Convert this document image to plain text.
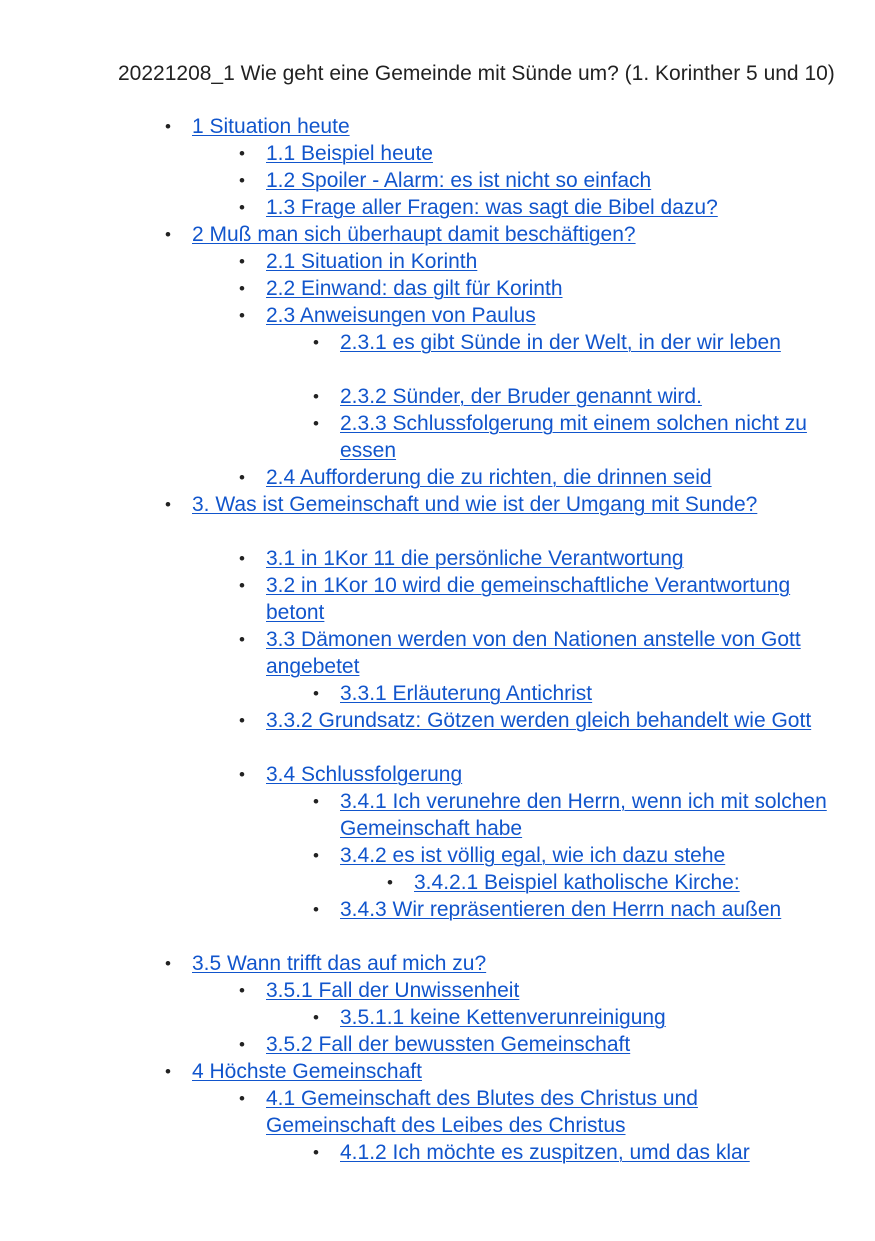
20221208_1 Wie geht eine Gemeinde mit Sünde um? (1. Korinther 5 und 10)
• 1 Situation heute
• 1.1 Beispiel heute
• 1.2 Spoiler - Alarm: es ist nicht so einfach
• 1.3 Frage aller Fragen: was sagt die Bibel dazu?
• 2 Muß man sich überhaupt damit beschäftigen?
• 2.1 Situation in Korinth
• 2.2 Einwand: das gilt für Korinth
• 2.3 Anweisungen von Paulus
• 2.3.1 es gibt Sünde in der Welt, in der wir leben
• 2.3.2 Sünder, der Bruder genannt wird.
• 2.3.3 Schlussfolgerung mit einem solchen nicht zu essen
• 2.4 Aufforderung die zu richten, die drinnen seid
• 3. Was ist Gemeinschaft und wie ist der Umgang mit Sunde?
• 3.1 in 1Kor 11 die persönliche Verantwortung
• 3.2 in 1Kor 10 wird die gemeinschaftliche Verantwortung betont
• 3.3 Dämonen werden von den Nationen anstelle von Gott angebetet
• 3.3.1 Erläuterung Antichrist
• 3.3.2 Grundsatz: Götzen werden gleich behandelt wie Gott
• 3.4 Schlussfolgerung
• 3.4.1 Ich verunehre den Herrn, wenn ich mit solchen Gemeinschaft habe
• 3.4.2 es ist völlig egal, wie ich dazu stehe
• 3.4.2.1 Beispiel katholische Kirche:
• 3.4.3 Wir repräsentieren den Herrn nach außen
• 3.5 Wann trifft das auf mich zu?
• 3.5.1 Fall der Unwissenheit
• 3.5.1.1 keine Kettenverunreinigung
• 3.5.2 Fall der bewussten Gemeinschaft
• 4 Höchste Gemeinschaft
• 4.1 Gemeinschaft des Blutes des Christus und Gemeinschaft des Leibes des Christus
• 4.1.2 Ich möchte es zuspitzen, umd das klar
